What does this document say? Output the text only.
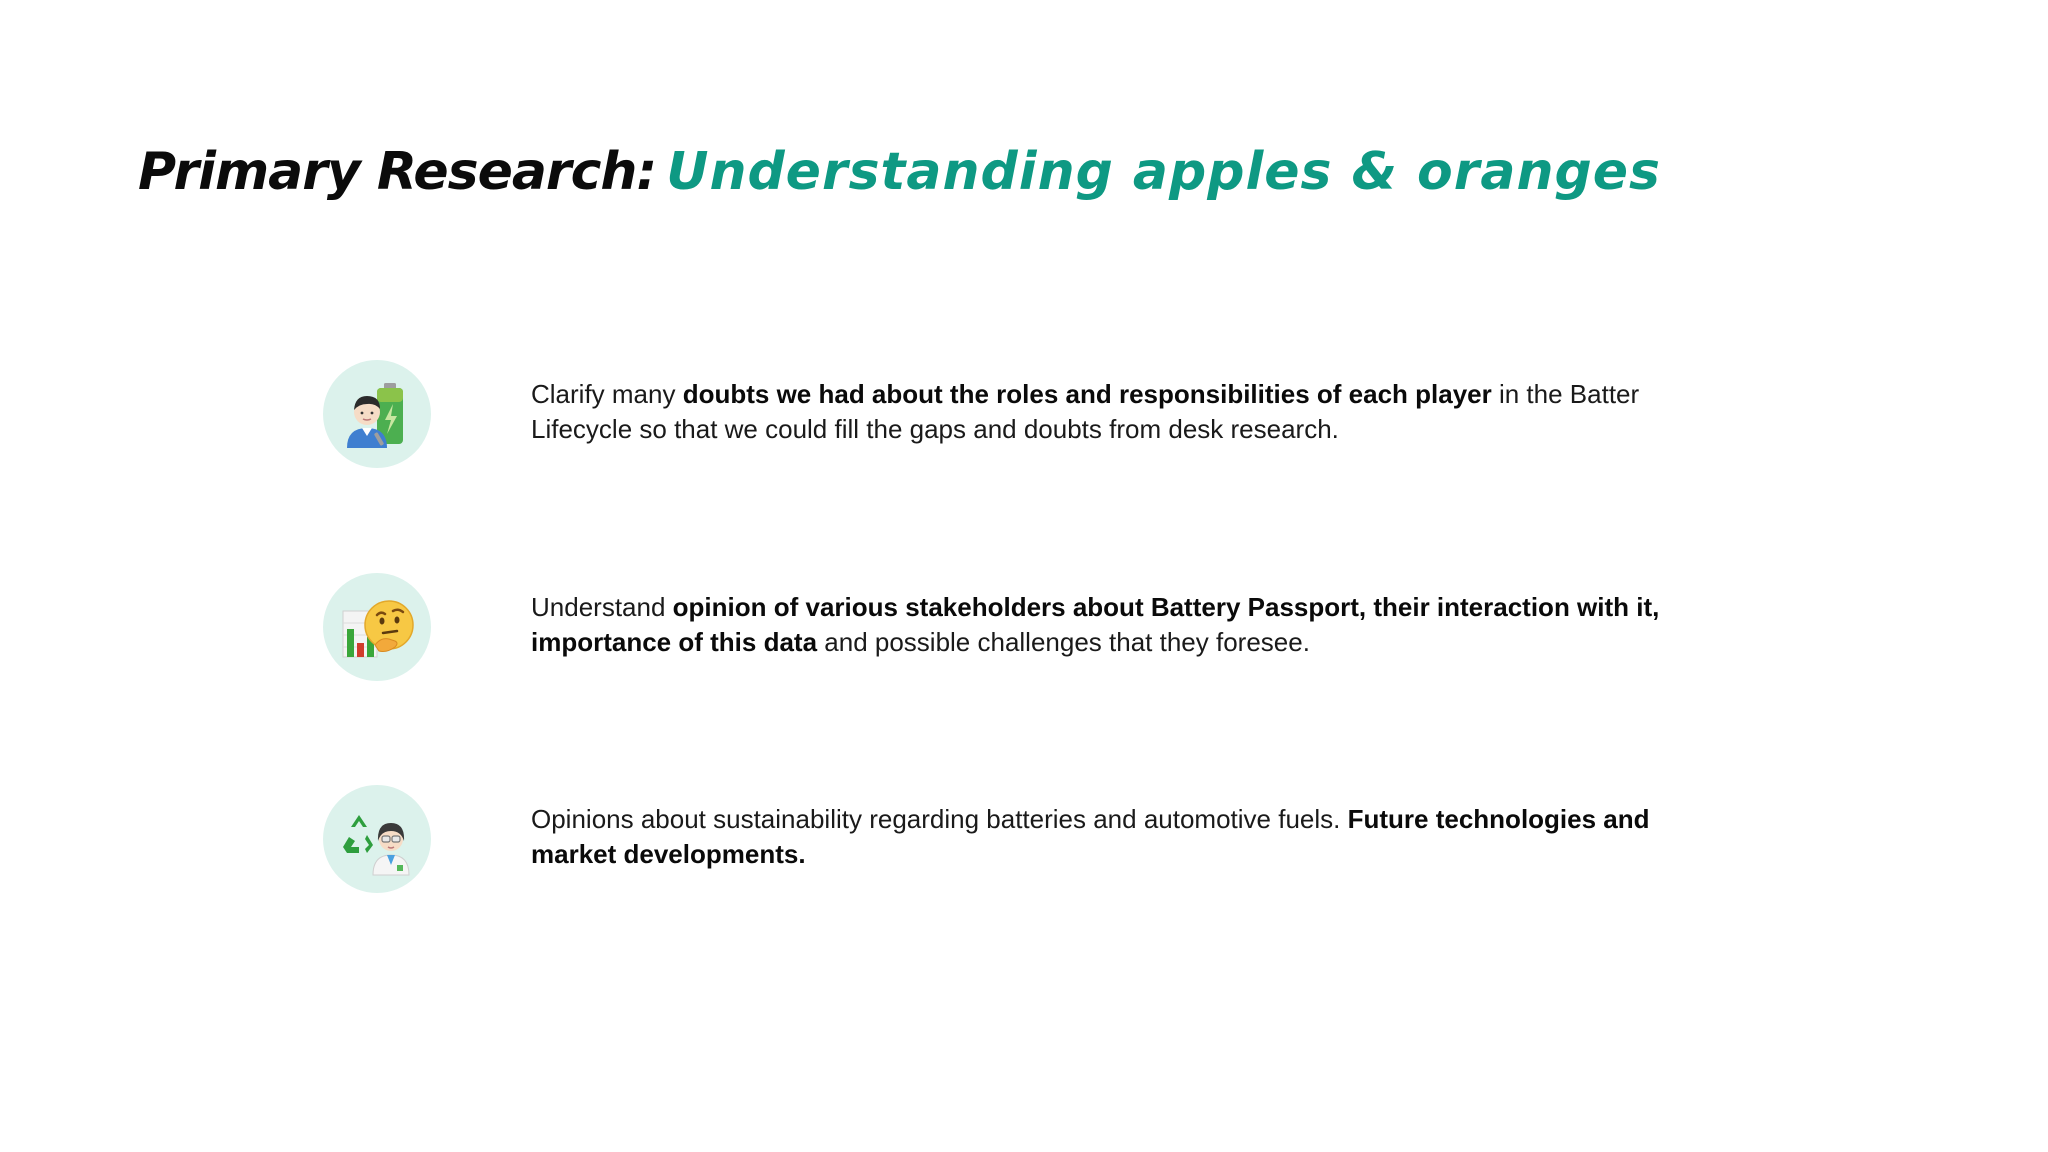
Primary Research: Understanding apples & oranges

Clarify many doubts we had about the roles and responsibilities of each player in the Batter Lifecycle so that we could fill the gaps and doubts from desk research.

Understand opinion of various stakeholders about Battery Passport, their interaction with it, importance of this data and possible challenges that they foresee.

Opinions about sustainability regarding batteries and automotive fuels. Future technologies and market developments.
